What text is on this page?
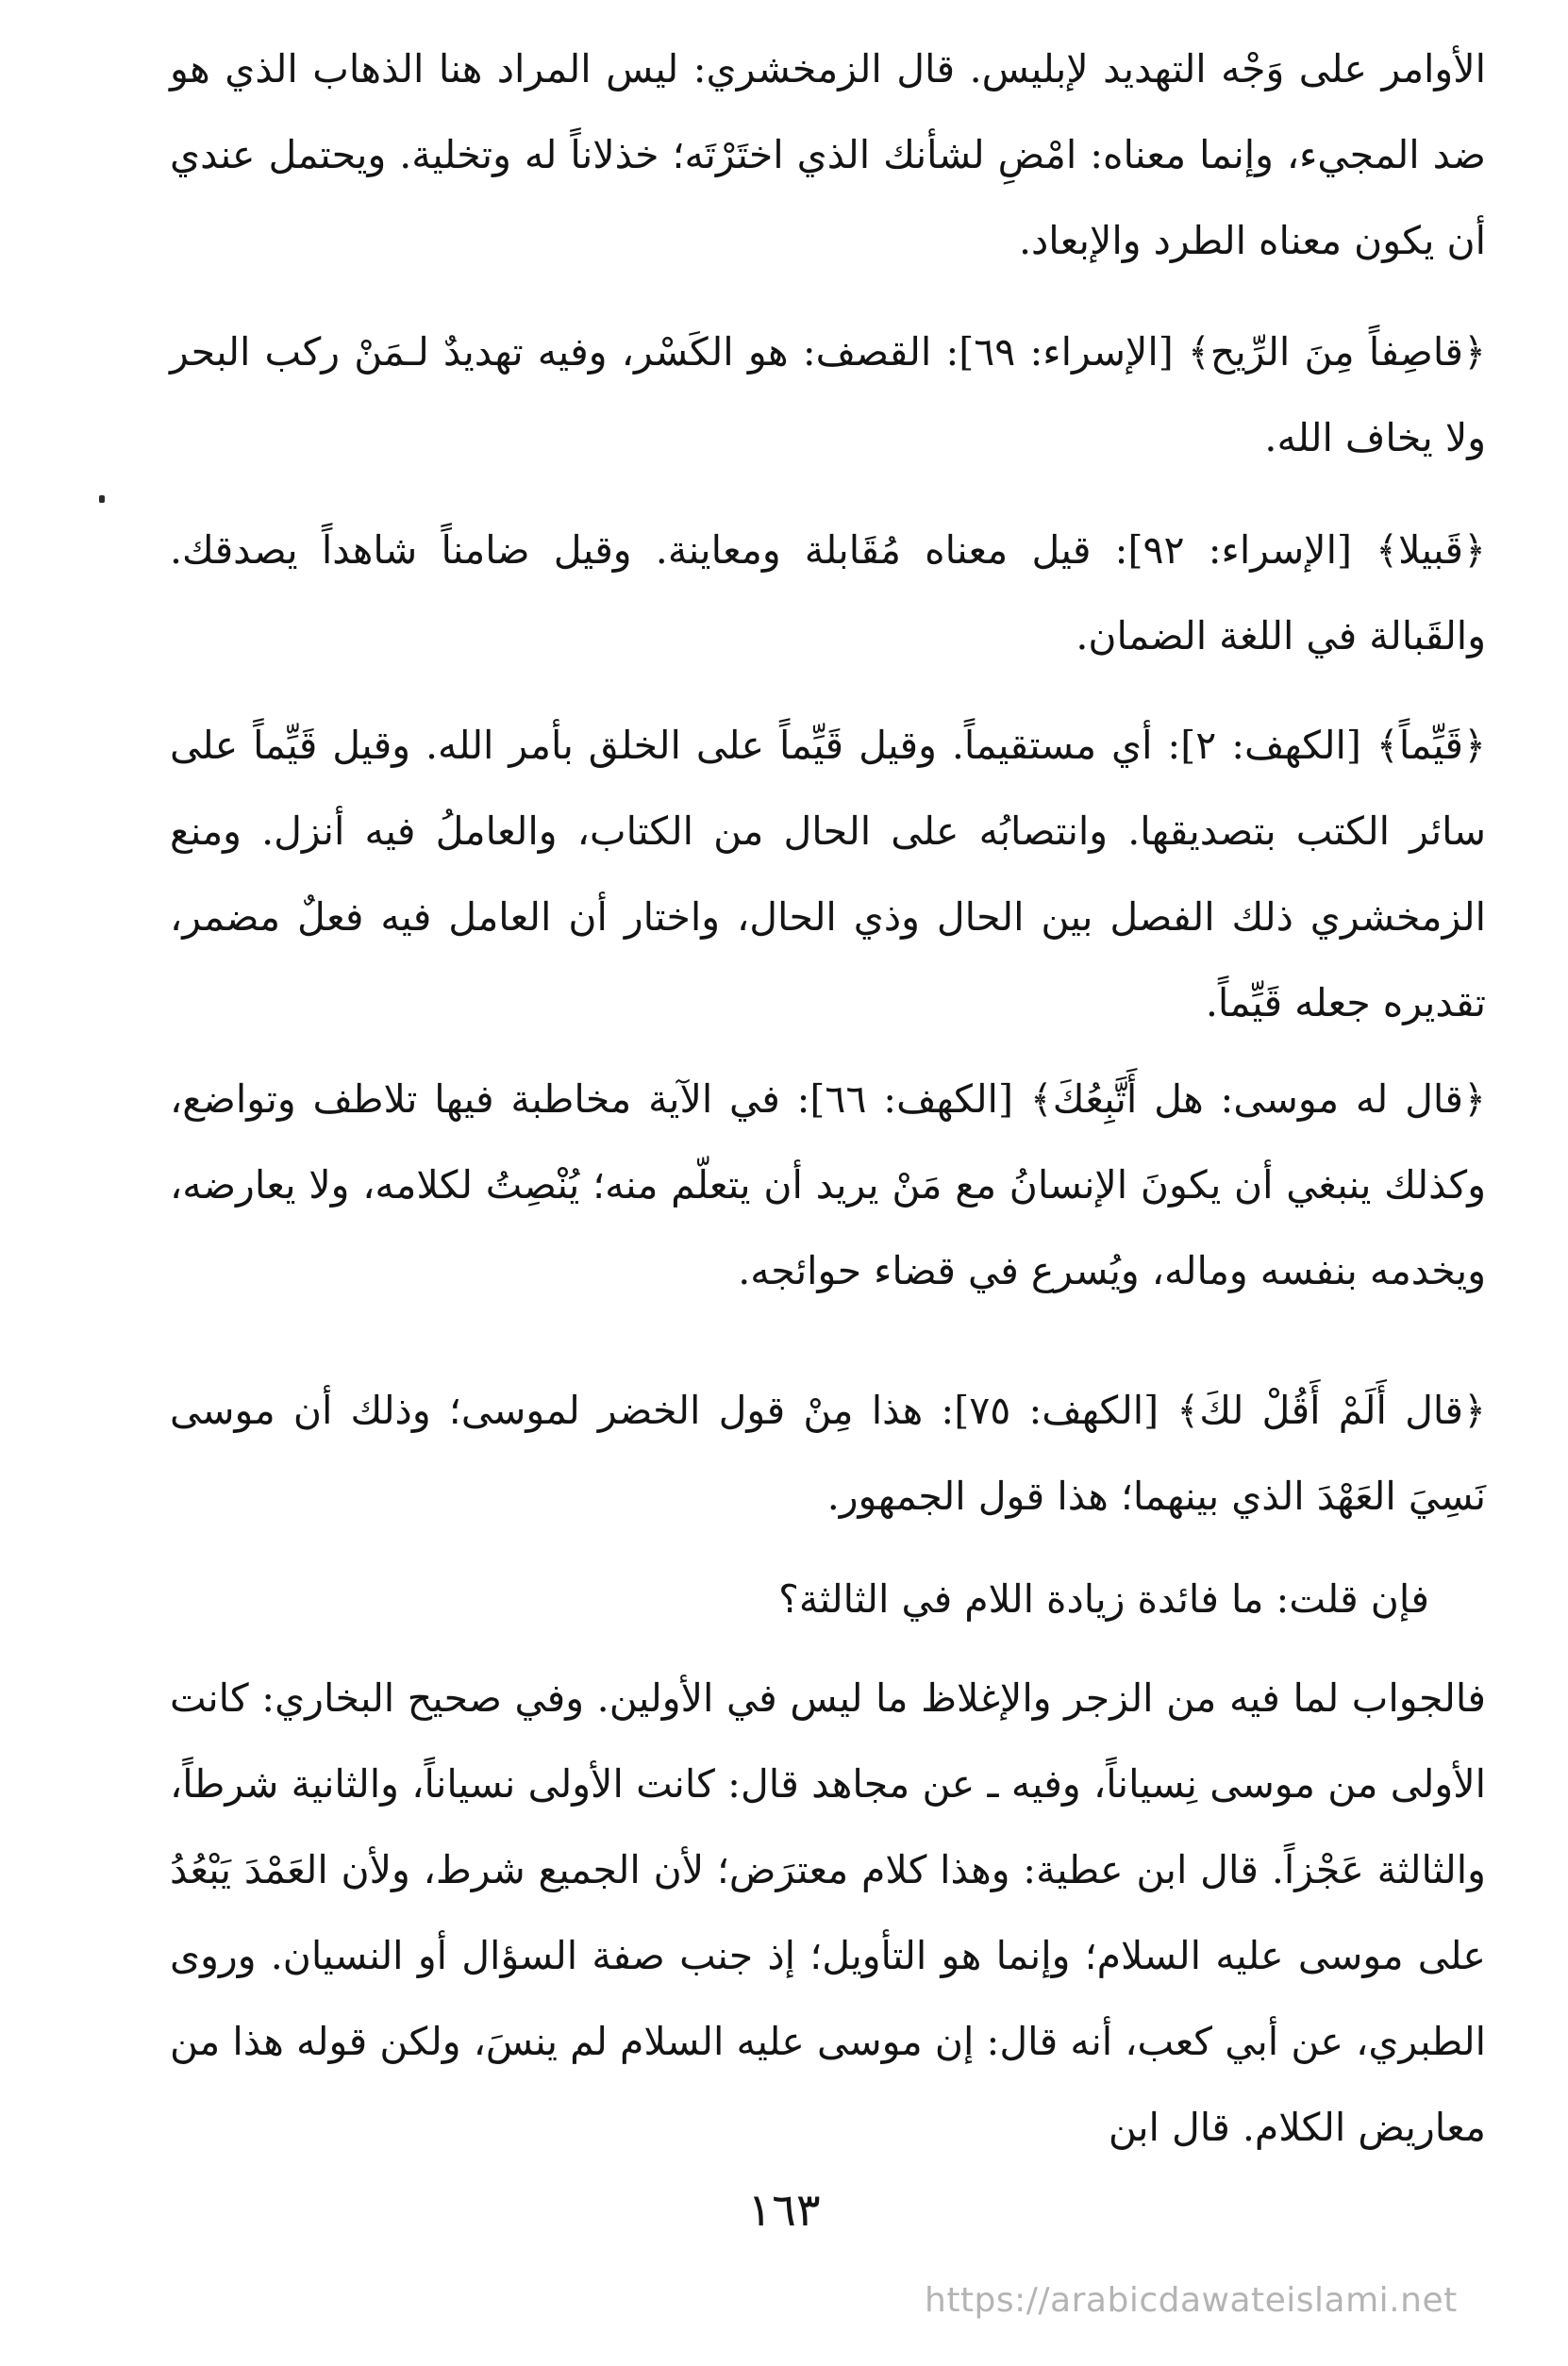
الأوامر على وَجْه التهديد لإبليس. قال الزمخشري: ليس المراد هنا الذهاب الذي هو ضد المجيء، وإنما معناه: امْضِ لشأنك الذي اختَرْتَه؛ خذلاناً له وتخلية. ويحتمل عندي أن يكون معناه الطرد والإبعاد.

﴿قاصِفاً مِنَ الرِّيح﴾ [الإسراء: ٦٩]: القصف: هو الكَسْر، وفيه تهديدٌ لـمَنْ ركب البحر ولا يخاف الله.

﴿قَبيلا﴾ [الإسراء: ٩٢]: قيل معناه مُقَابلة ومعاينة. وقيل ضامناً شاهداً يصدقك. والقَبالة في اللغة الضمان.

﴿قَيِّماً﴾ [الكهف: ٢]: أي مستقيماً. وقيل قَيِّماً على الخلق بأمر الله. وقيل قَيِّماً على سائر الكتب بتصديقها. وانتصابُه على الحال من الكتاب، والعاملُ فيه أنزل. ومنع الزمخشري ذلك الفصل بين الحال وذي الحال، واختار أن العامل فيه فعلٌ مضمر، تقديره جعله قَيِّماً.

﴿قال له موسى: هل أَتَّبِعُكَ﴾ [الكهف: ٦٦]: في الآية مخاطبة فيها تلاطف وتواضع، وكذلك ينبغي أن يكونَ الإنسانُ مع مَنْ يريد أن يتعلّم منه؛ يُنْصِتُ لكلامه، ولا يعارضه، ويخدمه بنفسه وماله، ويُسرع في قضاء حوائجه.

﴿قال أَلَمْ أَقُلْ لكَ﴾ [الكهف: ٧٥]: هذا مِنْ قول الخضر لموسى؛ وذلك أن موسى نَسِيَ العَهْدَ الذي بينهما؛ هذا قول الجمهور.

فإن قلت: ما فائدة زيادة اللام في الثالثة؟

فالجواب لما فيه من الزجر والإغلاظ ما ليس في الأولين. وفي صحيح البخاري: كانت الأولى من موسى نِسياناً، وفيه ـ عن مجاهد قال: كانت الأولى نسياناً، والثانية شرطاً، والثالثة عَجْزاً. قال ابن عطية: وهذا كلام معترَض؛ لأن الجميع شرط، ولأن العَمْدَ يَبْعُدُ على موسى عليه السلام؛ وإنما هو التأويل؛ إذ جنب صفة السؤال أو النسيان. وروى الطبري، عن أبي كعب، أنه قال: إن موسى عليه السلام لم ينسَ، ولكن قوله هذا من معاريض الكلام. قال ابن

١٦٣
https://arabicdawateislami.net
